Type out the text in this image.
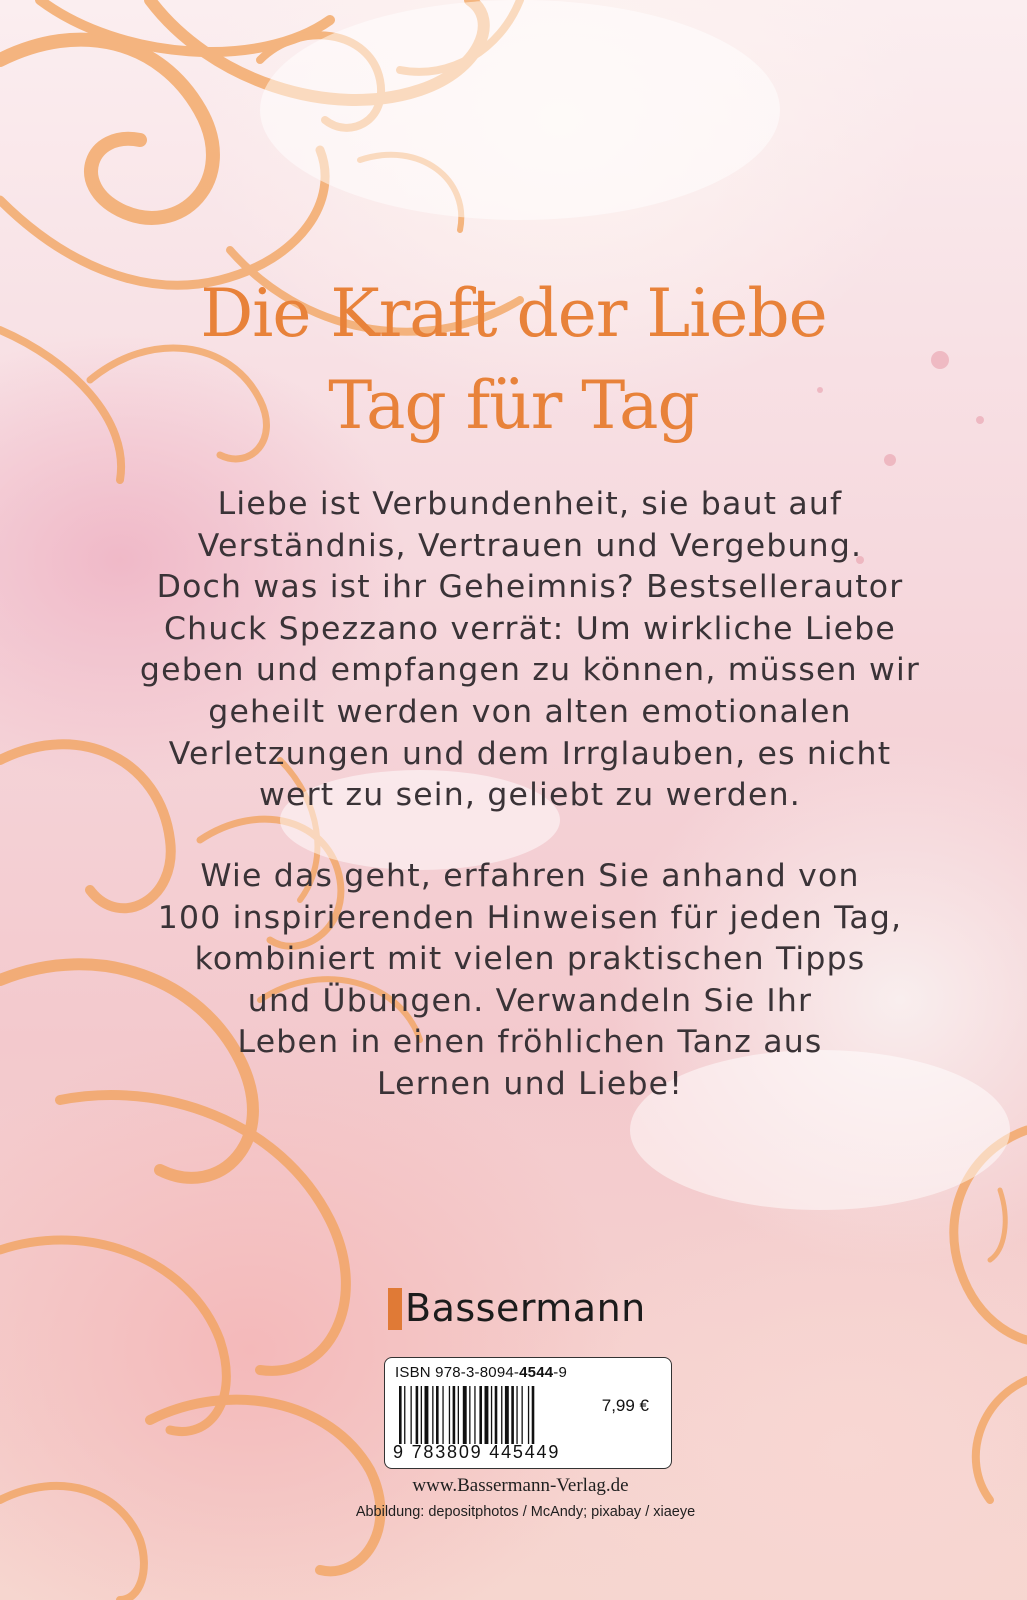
Die Kraft der Liebe
Tag für Tag
Liebe ist Verbundenheit, sie baut auf
Verständnis, Vertrauen und Vergebung.
Doch was ist ihr Geheimnis? Bestsellerautor
Chuck Spezzano verrät: Um wirkliche Liebe
geben und empfangen zu können, müssen wir
geheilt werden von alten emotionalen
Verletzungen und dem Irrglauben, es nicht
wert zu sein, geliebt zu werden.
Wie das geht, erfahren Sie anhand von
100 inspirierenden Hinweisen für jeden Tag,
kombiniert mit vielen praktischen Tipps
und Übungen. Verwandeln Sie Ihr
Leben in einen fröhlichen Tanz aus
Lernen und Liebe!
Bassermann
ISBN 978-3-8094-4544-9
9 783809 445449
7,99 €
www.Bassermann-Verlag.de
Abbildung: depositphotos / McAndy; pixabay / xiaeye
